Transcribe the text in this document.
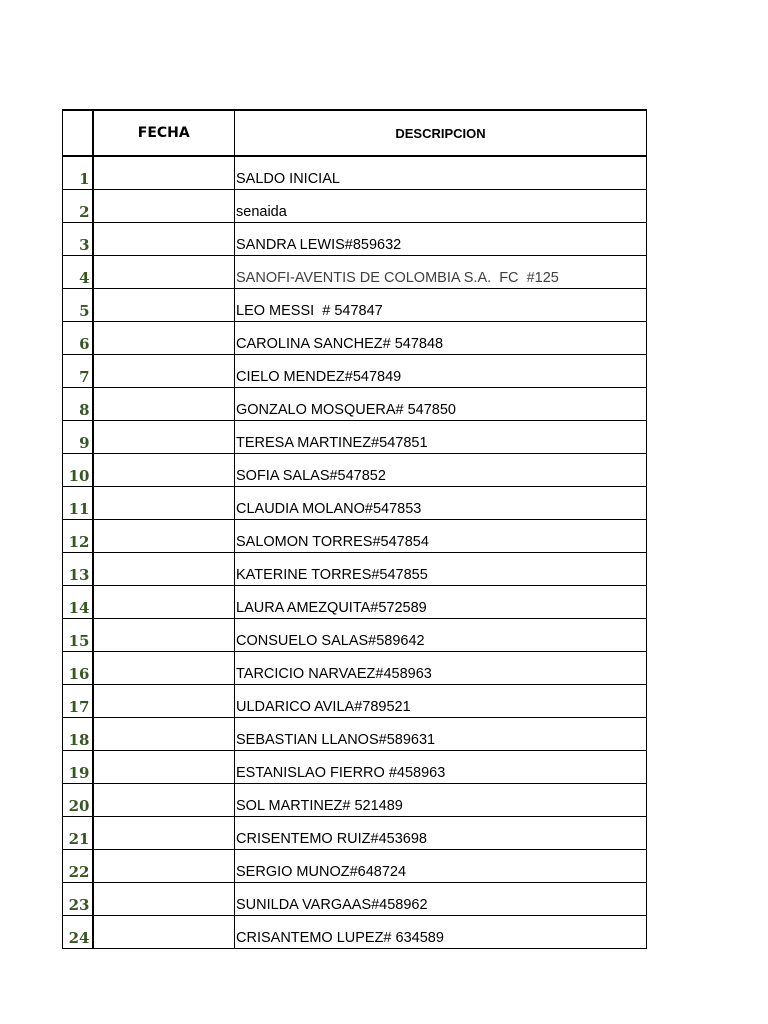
	FECHA	DESCRIPCION
1		SALDO INICIAL
2		senaida
3		SANDRA LEWIS#859632
4		SANOFI-AVENTIS DE COLOMBIA S.A.  FC  #125
5		LEO MESSI  # 547847
6		CAROLINA SANCHEZ# 547848
7		CIELO MENDEZ#547849
8		GONZALO MOSQUERA# 547850
9		TERESA MARTINEZ#547851
10		SOFIA SALAS#547852
11		CLAUDIA MOLANO#547853
12		SALOMON TORRES#547854
13		KATERINE TORRES#547855
14		LAURA AMEZQUITA#572589
15		CONSUELO SALAS#589642
16		TARCICIO NARVAEZ#458963
17		ULDARICO AVILA#789521
18		SEBASTIAN LLANOS#589631
19		ESTANISLAO FIERRO #458963
20		SOL MARTINEZ# 521489
21		CRISENTEMO RUIZ#453698
22		SERGIO MUNOZ#648724
23		SUNILDA VARGAAS#458962
24		CRISANTEMO LUPEZ# 634589
